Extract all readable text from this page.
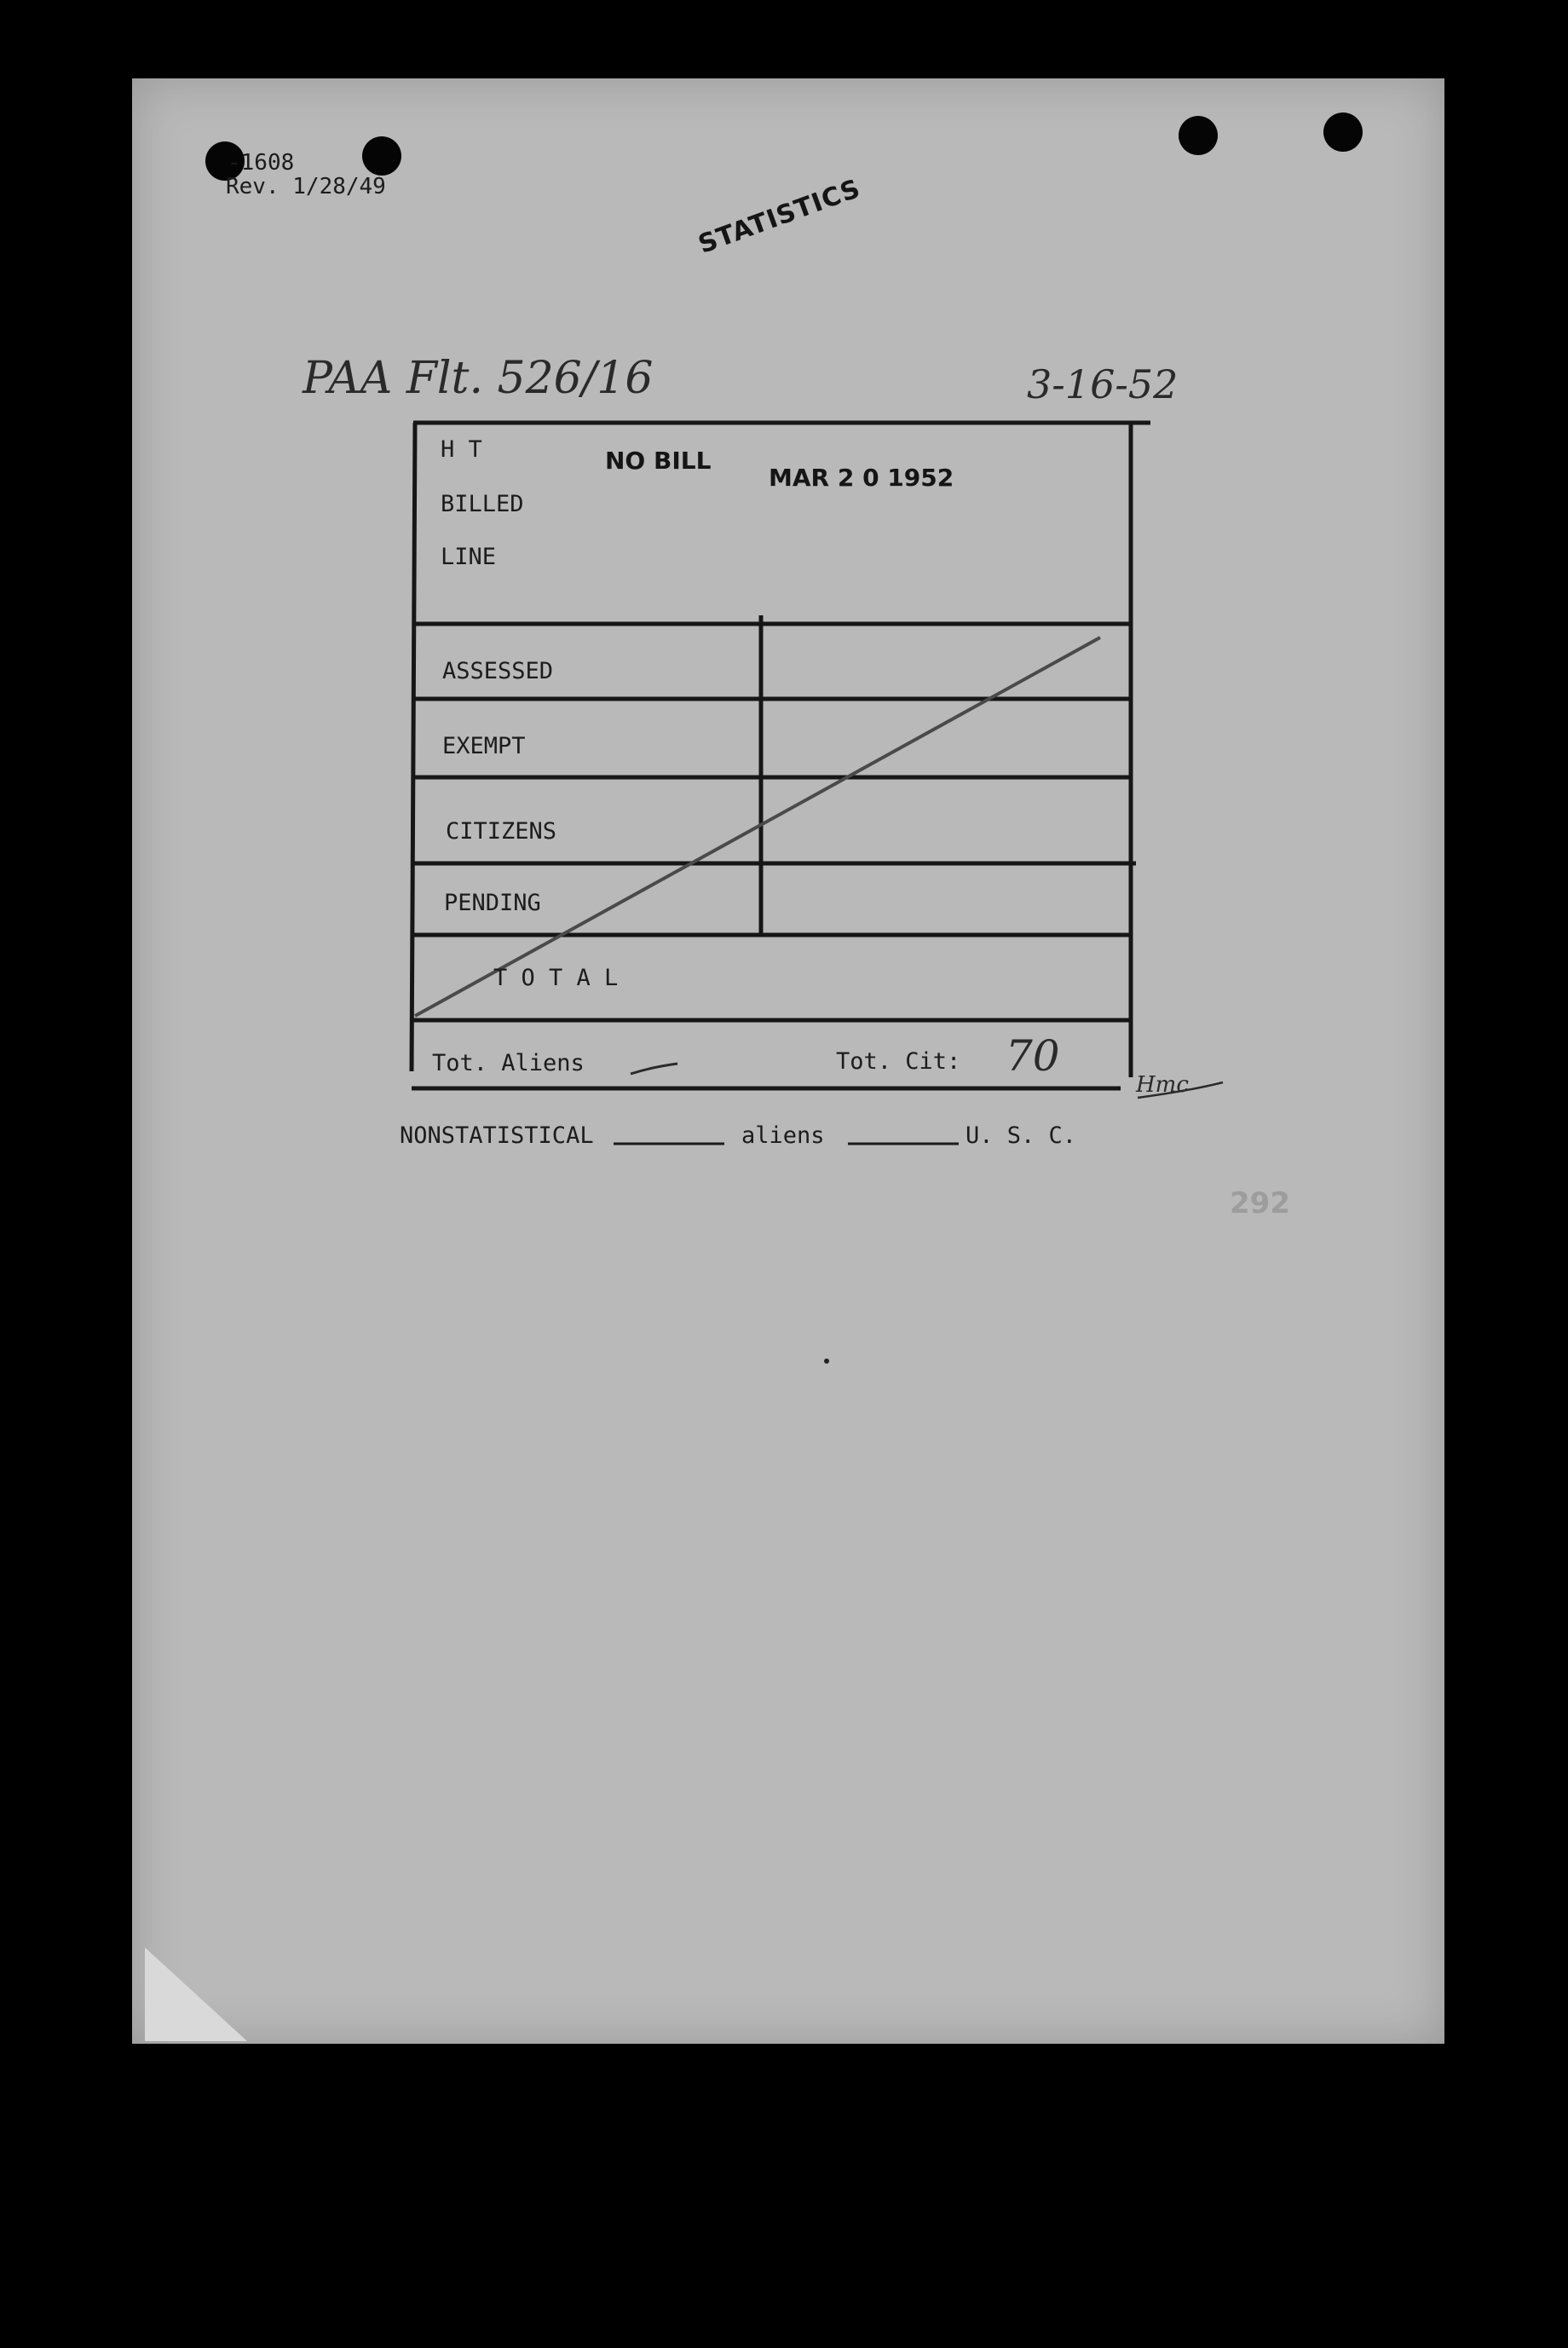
-1608
Rev. 1/28/49	STATISTICS
PAA Flt. 526/16	3-16-52
H T
BILLED
LINE
NO BILL
MAR 2 0 1952
ASSESSED
EXEMPT
CITIZENS
PENDING
T O T A L
Tot. Aliens	Tot. Cit: 70
Hmc
NONSTATISTICAL	aliens	U. S. C.
292
